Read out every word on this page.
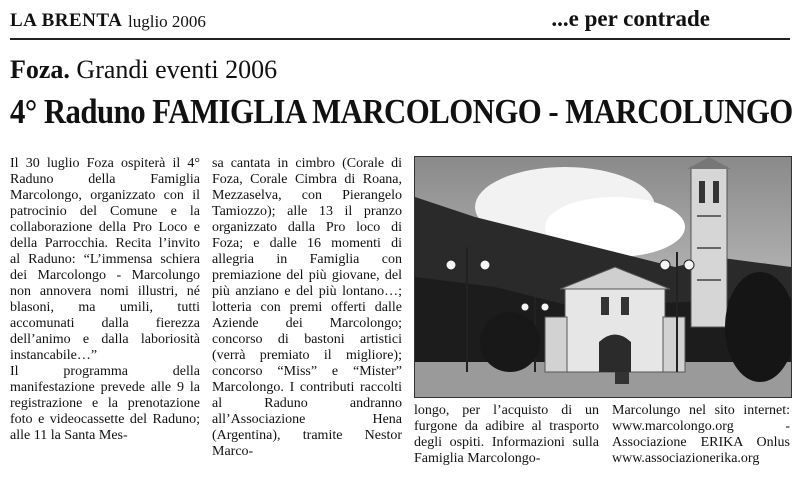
LA BRENTA luglio 2006	...e per contrade
Foza. Grandi eventi 2006
4° Raduno FAMIGLIA MARCOLONGO - MARCOLUNGO

Il 30 luglio Foza ospiterà il 4° Raduno della Famiglia Marcolongo, organizzato con il patrocinio del Comune e la collaborazione della Pro Loco e della Parrocchia. Recita l’invito al Raduno: “L’immensa schiera dei Marcolongo - Marcolungo non annovera nomi illustri, né blasoni, ma umili, tutti accomunati dalla fierezza dell’animo e dalla laboriosità instancabile…”

Il programma della manifestazione prevede alle 9 la registrazione e la prenotazione foto e videocassette del Raduno; alle 11 la Santa Mes-

sa cantata in cimbro (Corale di Foza, Corale Cimbra di Roana, Mezzaselva, con Pierangelo Tamiozzo); alle 13 il pranzo organizzato dalla Pro loco di Foza; e dalle 16 momenti di allegria in Famiglia con premiazione del più giovane, del più anziano e del più lontano…; lotteria con premi offerti dalle Aziende dei Marcolongo; concorso di bastoni artistici (verrà premiato il migliore); concorso “Miss” e “Mister” Marcolongo. I contributi raccolti al Raduno andranno all’Associazione Hena (Argentina), tramite Nestor Marco-

longo, per l’acquisto di un furgone da adibire al trasporto degli ospiti. Informazioni sulla Famiglia Marcolongo-

Marcolungo nel sito internet: www.marcolongo.org - Associazione ERIKA Onlus www.associazionerika.org
